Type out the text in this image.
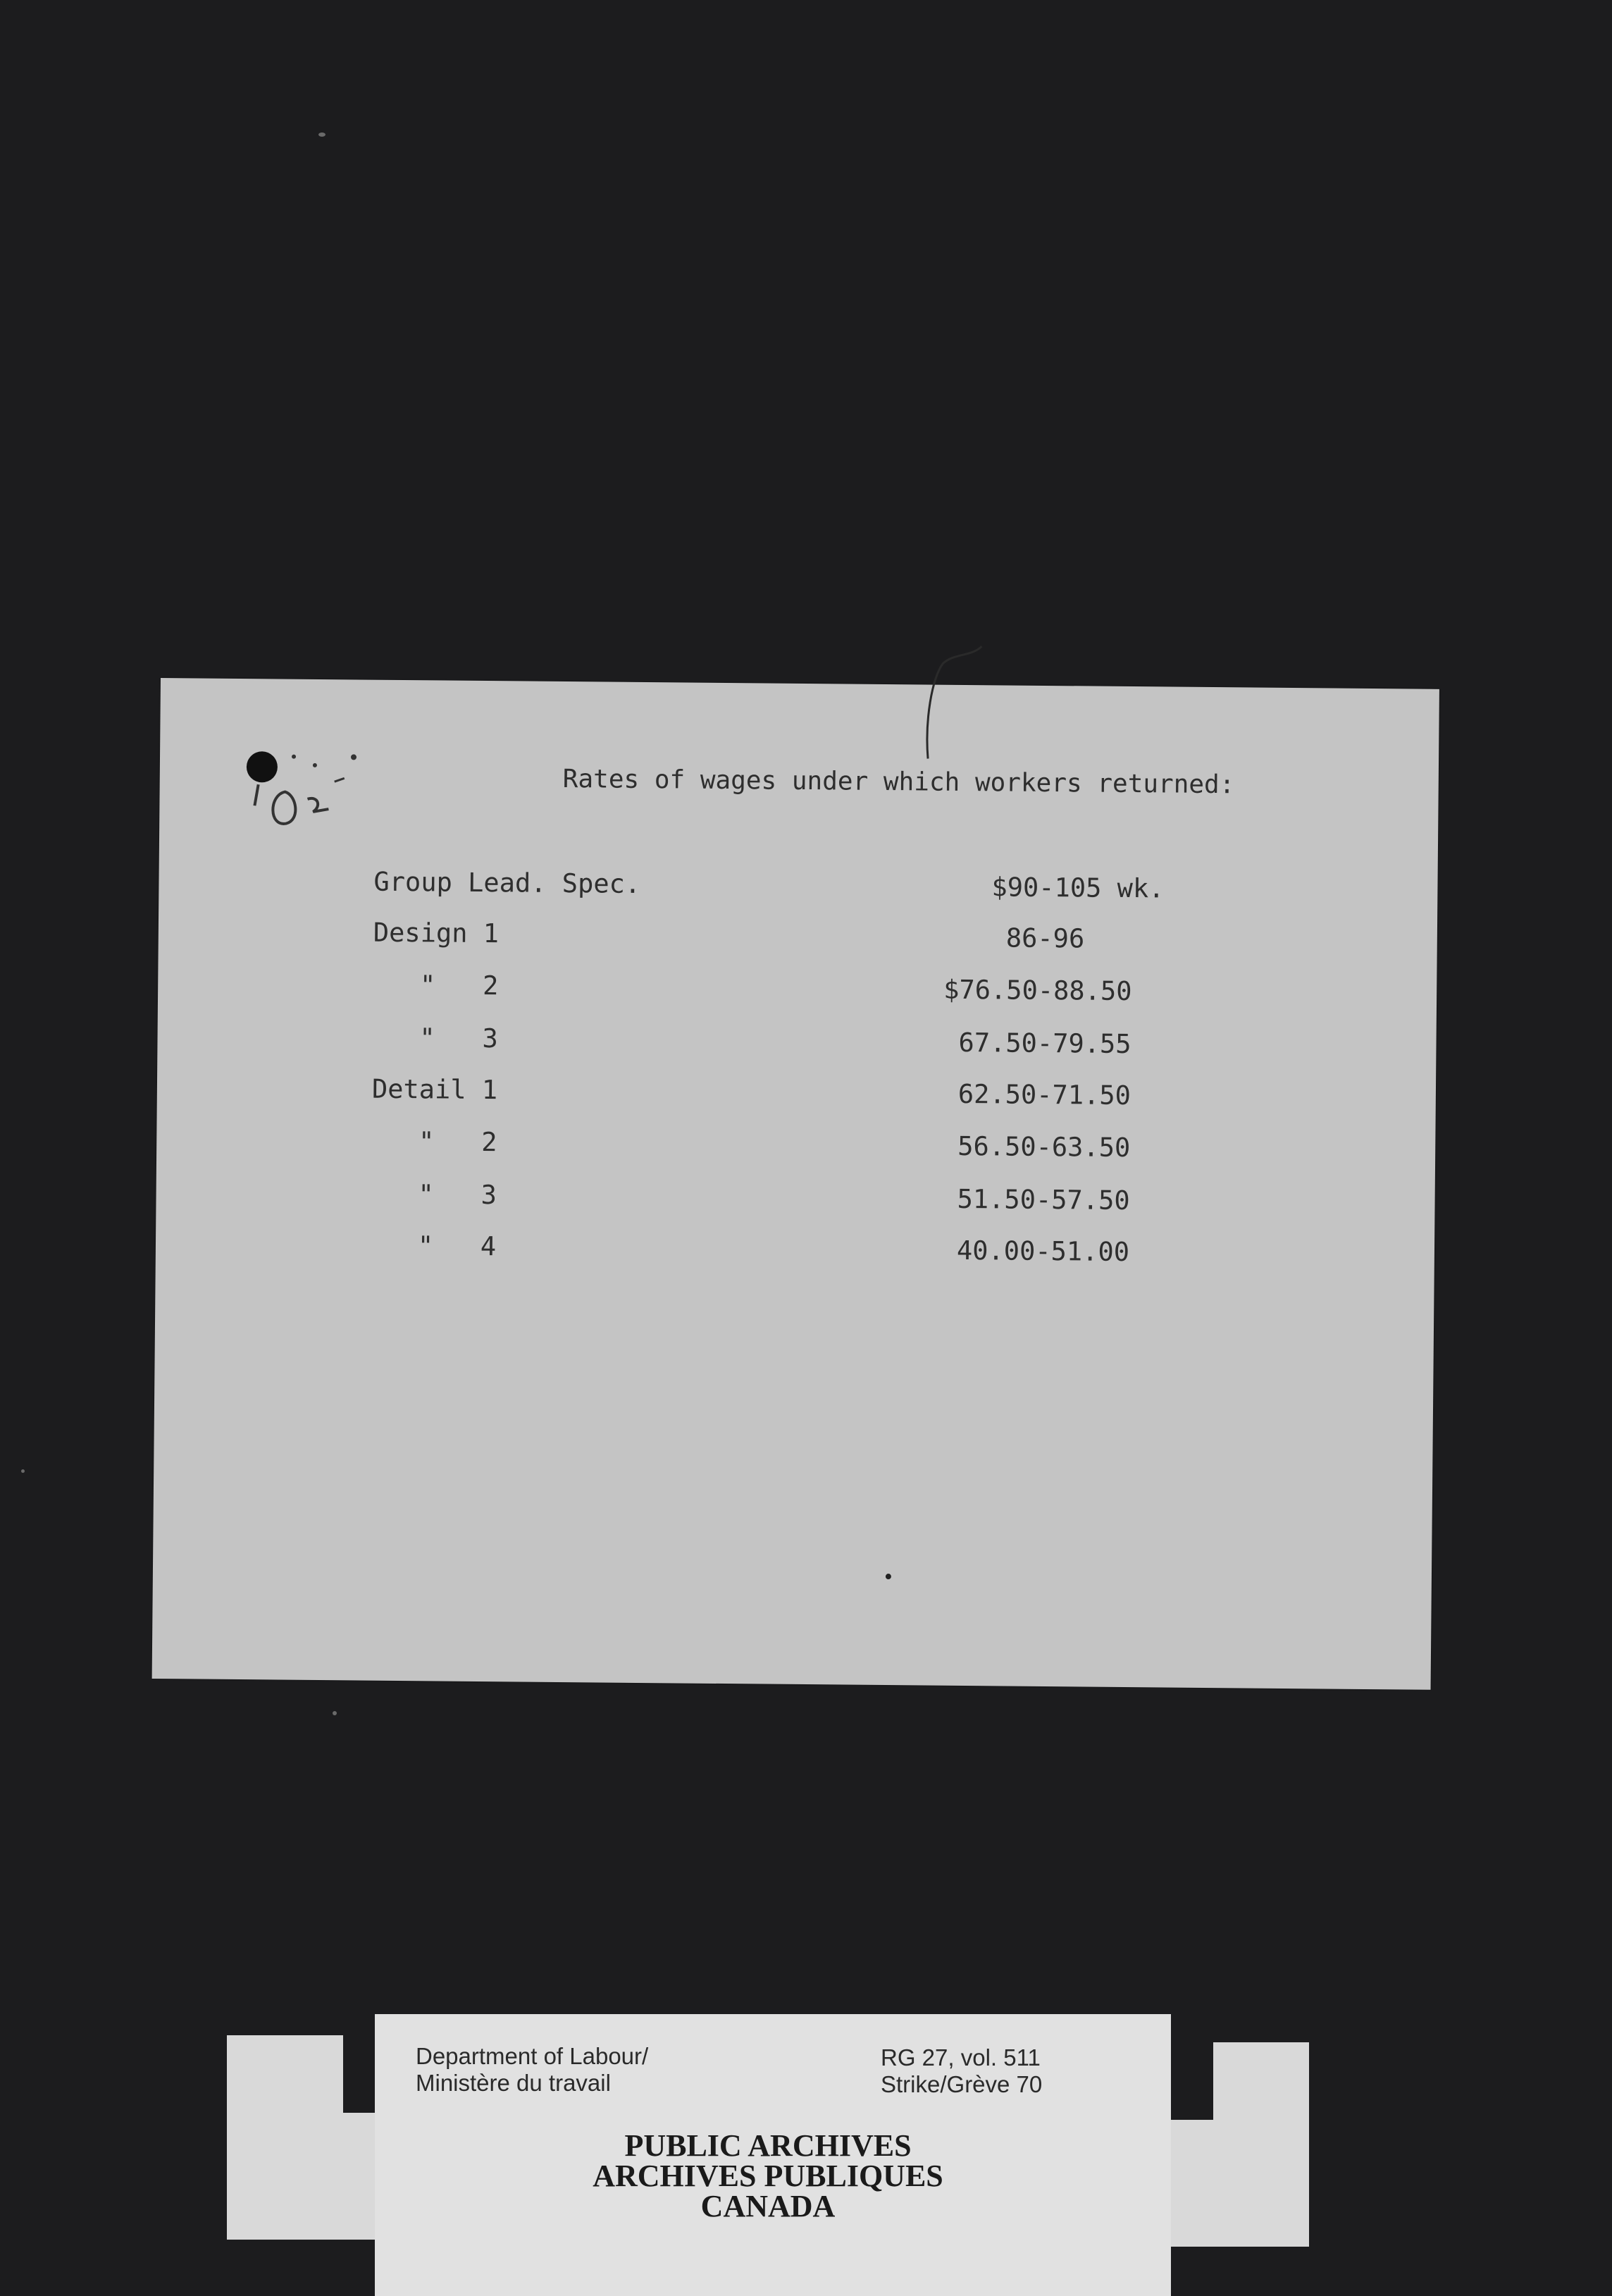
Rates of wages under which workers returned:
Group Lead. Spec.	$90-105 wk.
Design 1	86-96
"   2	$76.50-88.50
"   3	67.50-79.55
Detail 1	62.50-71.50
"   2	56.50-63.50
"   3	51.50-57.50
"   4	40.00-51.00
Department of Labour/
Ministère du travail
RG 27, vol. 511
Strike/Grève 70
PUBLIC ARCHIVES
ARCHIVES PUBLIQUES
CANADA
